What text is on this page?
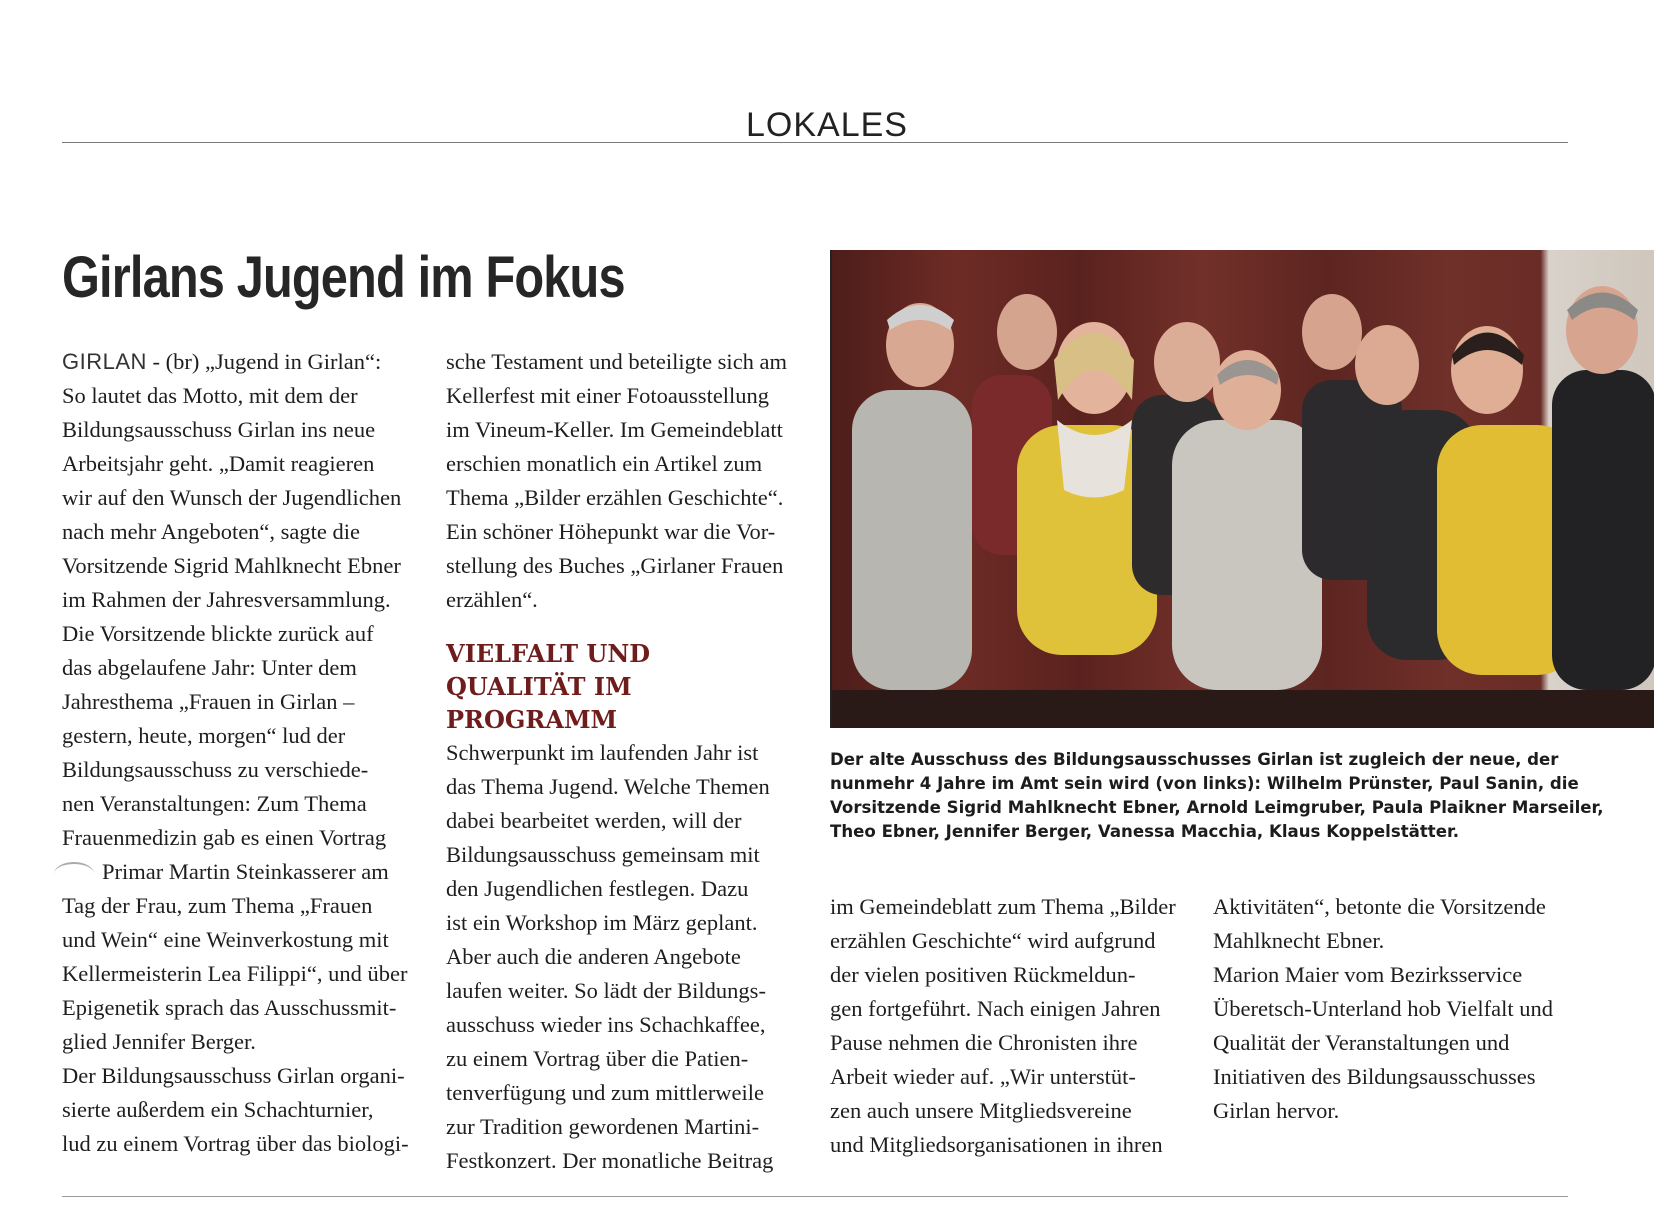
LOKALES
Girlans Jugend im Fokus

GIRLAN - (br) „Jugend in Girlan“:

So lautet das Motto, mit dem der

Bildungsausschuss Girlan ins neue

Arbeitsjahr geht. „Damit reagieren

wir auf den Wunsch der Jugendlichen

nach mehr Angeboten“, sagte die

Vorsitzende Sigrid Mahlknecht Ebner

im Rahmen der Jahresversammlung.

Die Vorsitzende blickte zurück auf

das abgelaufene Jahr: Unter dem

Jahresthema „Frauen in Girlan –

gestern, heute, morgen“ lud der

Bildungsausschuss zu verschiede-

nen Veranstaltungen: Zum Thema

Frauenmedizin gab es einen Vortrag

Primar Martin Steinkasserer am

Tag der Frau, zum Thema „Frauen

und Wein“ eine Weinverkostung mit

Kellermeisterin Lea Filippi“, und über

Epigenetik sprach das Ausschussmit-

glied Jennifer Berger.

Der Bildungsausschuss Girlan organi-

sierte außerdem ein Schachturnier,

lud zu einem Vortrag über das biologi-

sche Testament und beteiligte sich am

Kellerfest mit einer Fotoausstellung

im Vineum-Keller. Im Gemeindeblatt

erschien monatlich ein Artikel zum

Thema „Bilder erzählen Geschichte“.

Ein schöner Höhepunkt war die Vor-

stellung des Buches „Girlaner Frauen

erzählen“.

VIELFALT UND
QUALITÄT IM PROGRAMM

Schwerpunkt im laufenden Jahr ist

das Thema Jugend. Welche Themen

dabei bearbeitet werden, will der

Bildungsausschuss gemeinsam mit

den Jugendlichen festlegen. Dazu

ist ein Workshop im März geplant.

Aber auch die anderen Angebote

laufen weiter. So lädt der Bildungs-

ausschuss wieder ins Schachkaffee,

zu einem Vortrag über die Patien-

tenverfügung und zum mittlerweile

zur Tradition gewordenen Martini-

Festkonzert. Der monatliche Beitrag

Der alte Ausschuss des Bildungsausschusses Girlan ist zugleich der neue, der
nunmehr 4 Jahre im Amt sein wird (von links): Wilhelm Prünster, Paul Sanin, die
Vorsitzende Sigrid Mahlknecht Ebner, Arnold Leimgruber, Paula Plaikner Marseiler,
Theo Ebner, Jennifer Berger, Vanessa Macchia, Klaus Koppelstätter.

im Gemeindeblatt zum Thema „Bilder

erzählen Geschichte“ wird aufgrund

der vielen positiven Rückmeldun-

gen fortgeführt. Nach einigen Jahren

Pause nehmen die Chronisten ihre

Arbeit wieder auf. „Wir unterstüt-

zen auch unsere Mitgliedsvereine

und Mitgliedsorganisationen in ihren

Aktivitäten“, betonte die Vorsitzende

Mahlknecht Ebner.

Marion Maier vom Bezirksservice

Überetsch-Unterland hob Vielfalt und

Qualität der Veranstaltungen und

Initiativen des Bildungsausschusses

Girlan hervor.
